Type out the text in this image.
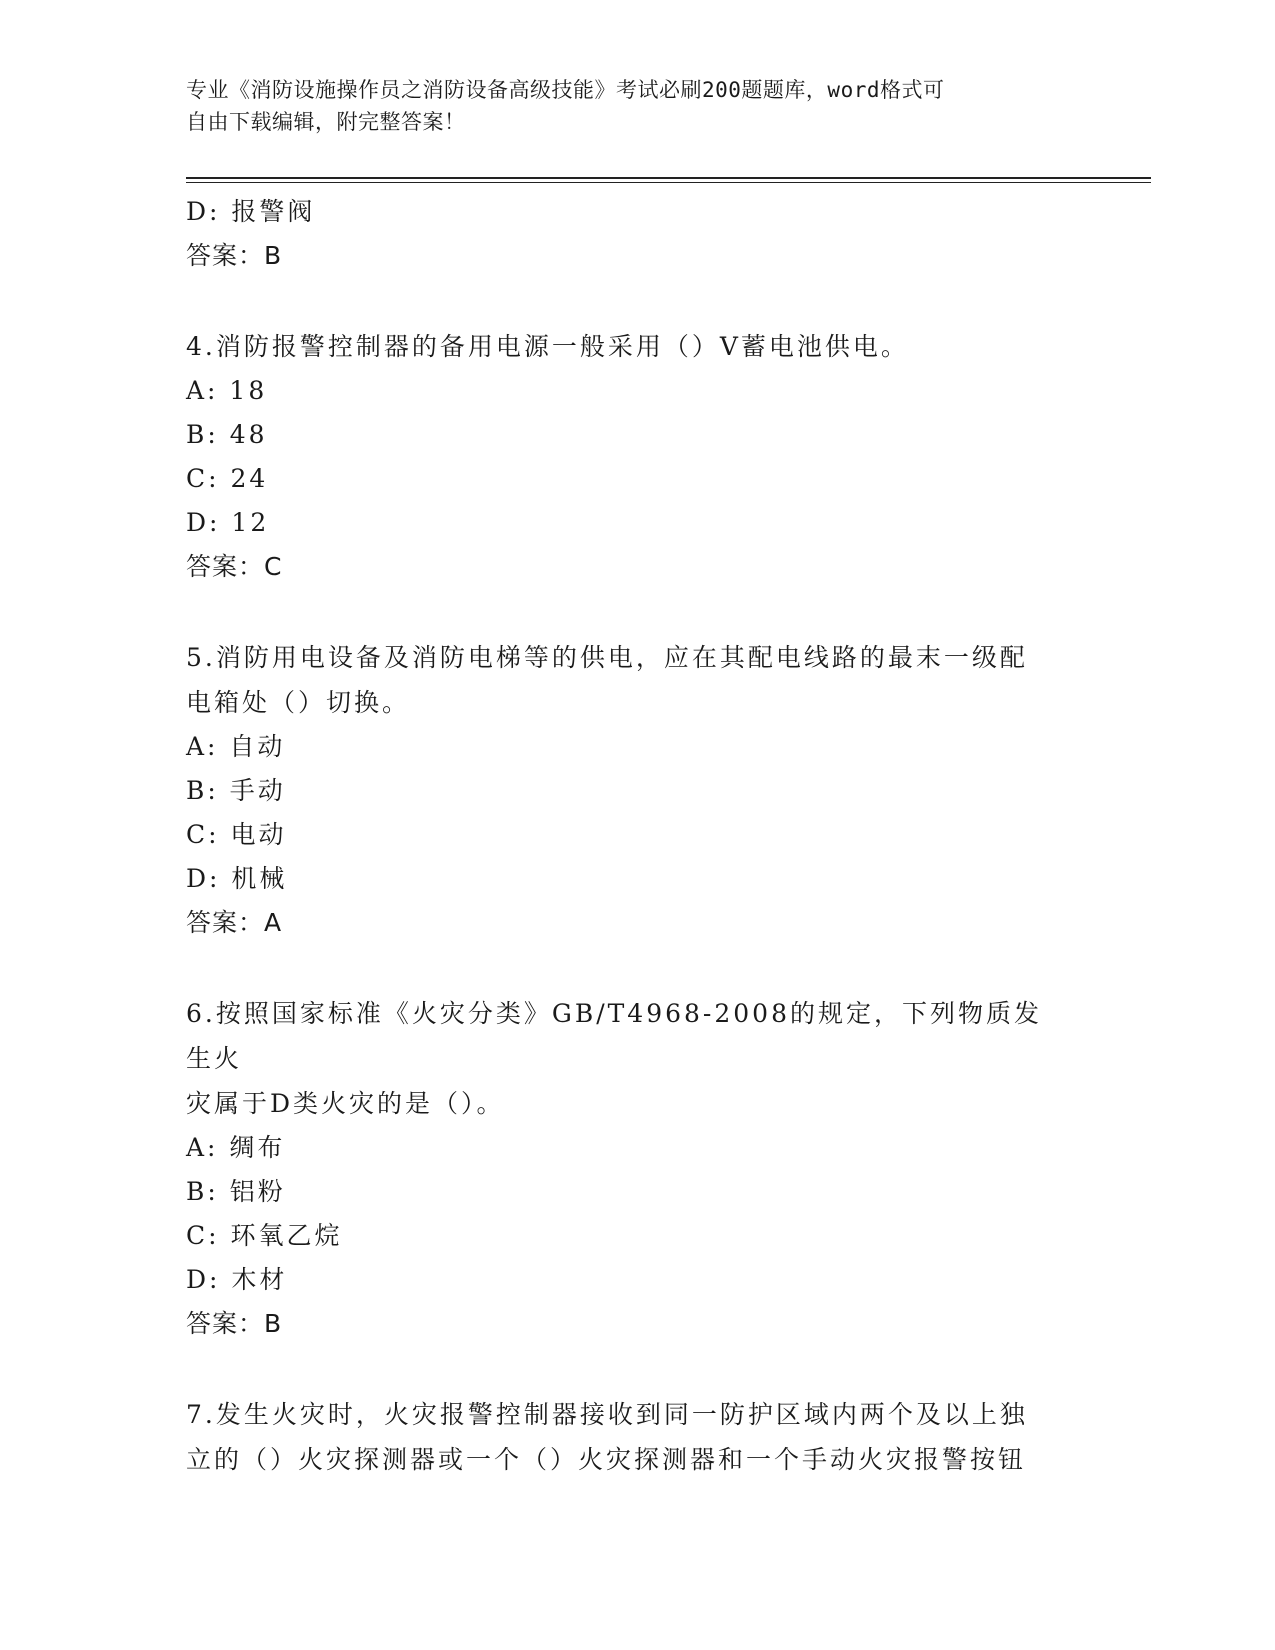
专业《消防设施操作员之消防设备高级技能》考试必刷200题题库，word格式可
自由下载编辑，附完整答案！
D: 报警阀
答案：B
4.消防报警控制器的备用电源一般采用（）V蓄电池供电。
A: 18
B: 48
C: 24
D: 12
答案：C
5.消防用电设备及消防电梯等的供电，应在其配电线路的最末一级配
电箱处（）切换。
A: 自动
B: 手动
C: 电动
D: 机械
答案：A
6.按照国家标准《火灾分类》GB/T4968-2008的规定，下列物质发生火
灾属于D类火灾的是（）。
A: 绸布
B: 铝粉
C: 环氧乙烷
D: 木材
答案：B
7.发生火灾时，火灾报警控制器接收到同一防护区域内两个及以上独
立的（）火灾探测器或一个（）火灾探测器和一个手动火灾报警按钮
